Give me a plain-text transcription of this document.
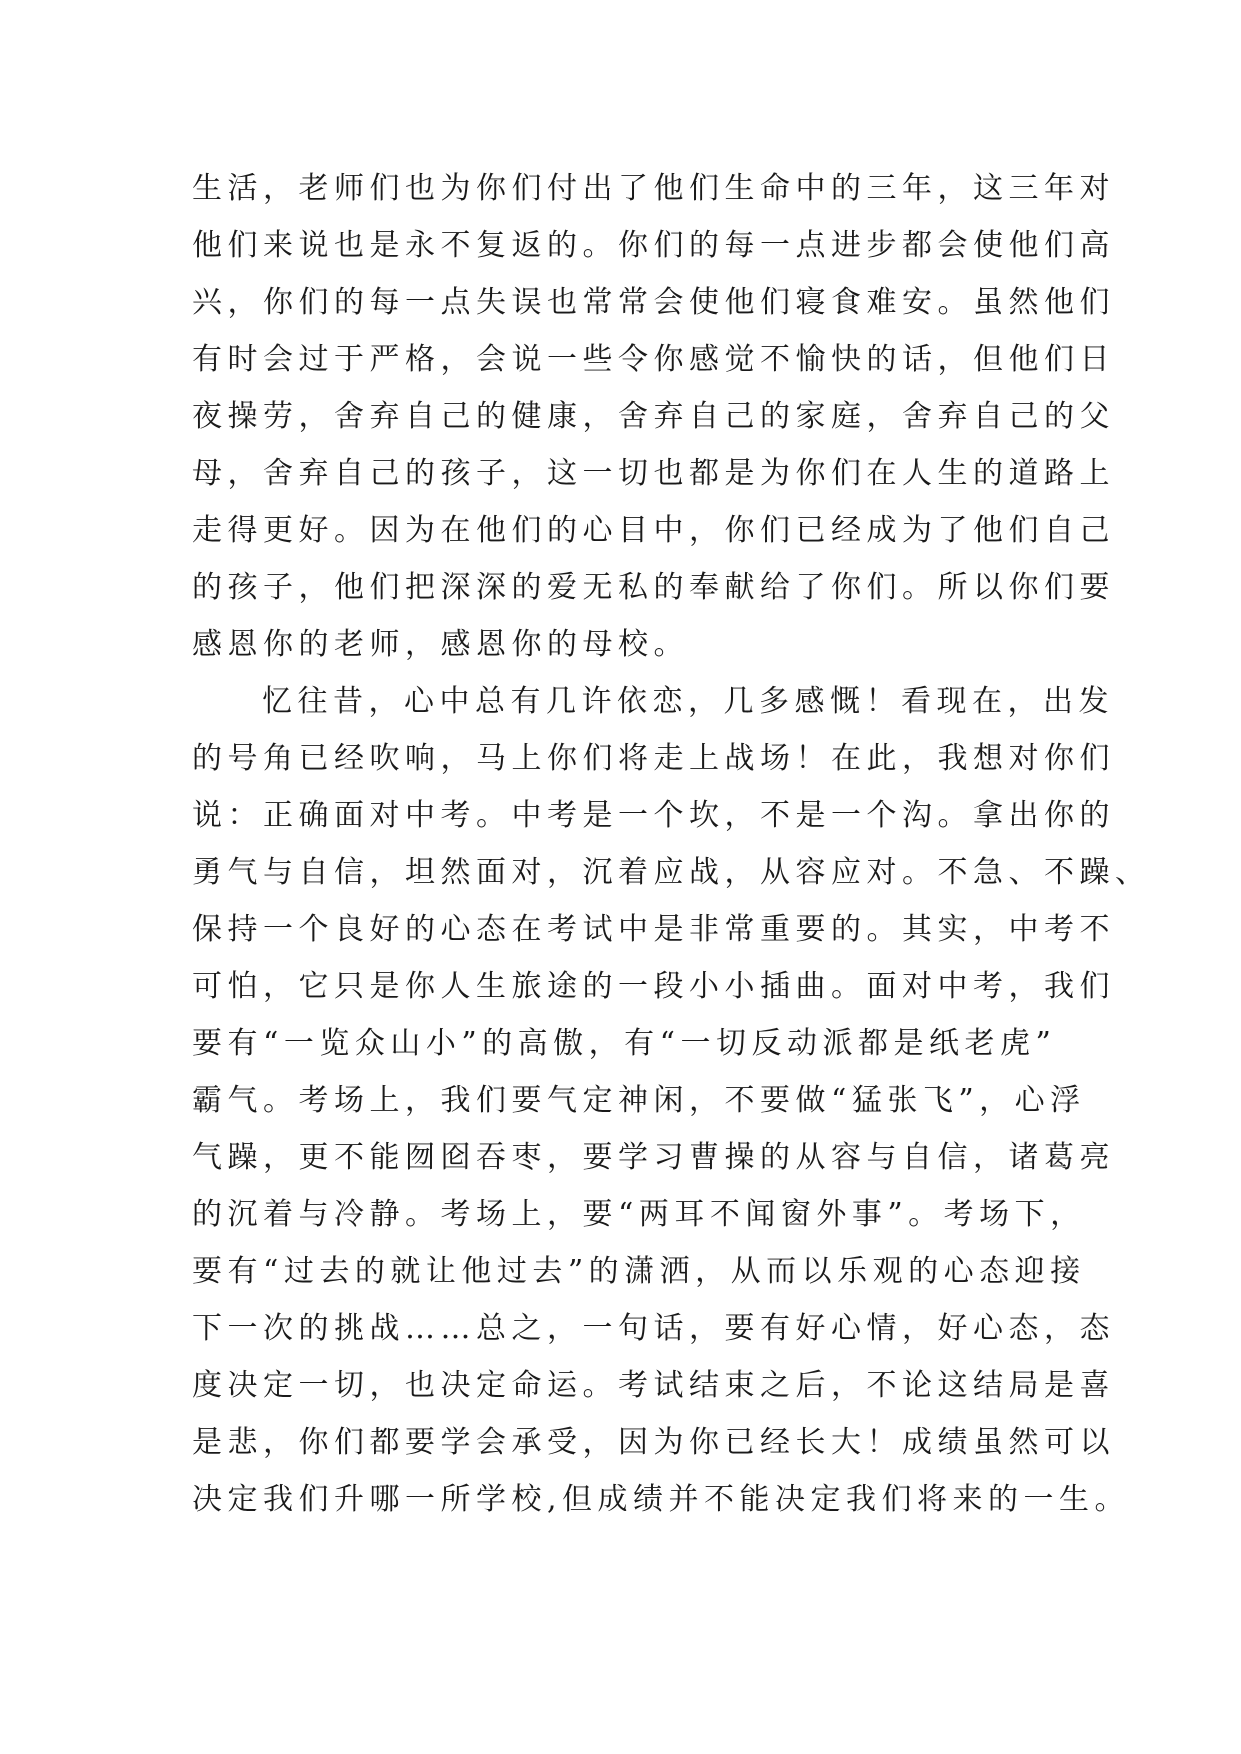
生活，老师们也为你们付出了他们生命中的三年，这三年对
他们来说也是永不复返的。你们的每一点进步都会使他们高
兴，你们的每一点失误也常常会使他们寝食难安。虽然他们
有时会过于严格，会说一些令你感觉不愉快的话，但他们日
夜操劳，舍弃自己的健康，舍弃自己的家庭，舍弃自己的父
母，舍弃自己的孩子，这一切也都是为你们在人生的道路上
走得更好。因为在他们的心目中，你们已经成为了他们自己
的孩子，他们把深深的爱无私的奉献给了你们。所以你们要
感恩你的老师，感恩你的母校。
忆往昔，心中总有几许依恋，几多感慨！看现在，出发
的号角已经吹响，马上你们将走上战场！在此，我想对你们
说：正确面对中考。中考是一个坎，不是一个沟。拿出你的
勇气与自信，坦然面对，沉着应战，从容应对。不急、不躁、
保持一个良好的心态在考试中是非常重要的。其实，中考不
可怕，它只是你人生旅途的一段小小插曲。面对中考，我们
要有“一览众山小”的高傲，有“一切反动派都是纸老虎”
霸气。考场上，我们要气定神闲，不要做“猛张飞”，心浮
气躁，更不能囫囵吞枣，要学习曹操的从容与自信，诸葛亮
的沉着与冷静。考场上，要“两耳不闻窗外事”。考场下，
要有“过去的就让他过去”的潇洒，从而以乐观的心态迎接
下一次的挑战……总之，一句话，要有好心情，好心态，态
度决定一切，也决定命运。考试结束之后，不论这结局是喜
是悲，你们都要学会承受，因为你已经长大！成绩虽然可以
决定我们升哪一所学校,但成绩并不能决定我们将来的一生。
